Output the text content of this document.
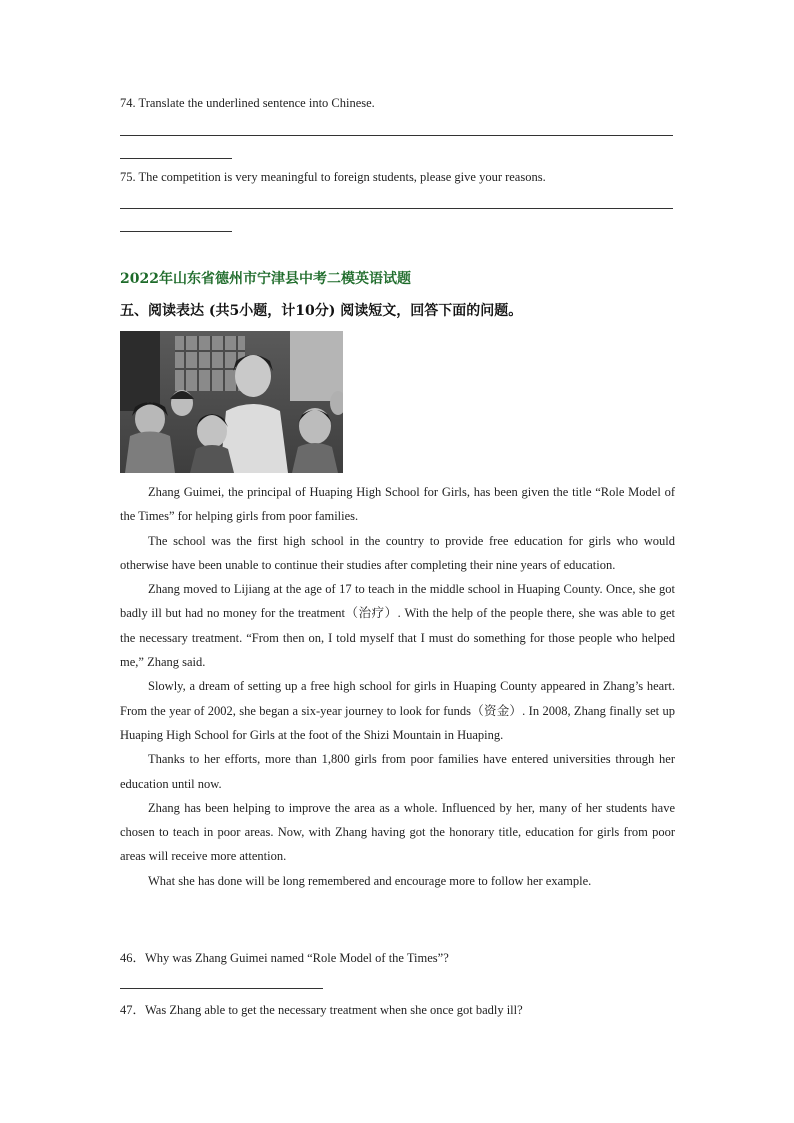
74. Translate the underlined sentence into Chinese.
75. The competition is very meaningful to foreign students, please give your reasons.
2022年山东省德州市宁津县中考二模英语试题
五、阅读表达 (共5小题，计10分) 阅读短文，回答下面的问题。

Zhang Guimei, the principal of Huaping High School for Girls, has been given the title “Role Model of the Times” for helping girls from poor families.

The school was the first high school in the country to provide free education for girls who would otherwise have been unable to continue their studies after completing their nine years of education.

Zhang moved to Lijiang at the age of 17 to teach in the middle school in Huaping County. Once, she got badly ill but had no money for the treatment（治疗）. With the help of the people there, she was able to get the necessary treatment. “From then on, I told myself that I must do something for those people who helped me,” Zhang said.

Slowly, a dream of setting up a free high school for girls in Huaping County appeared in Zhang’s heart. From the year of 2002, she began a six-year journey to look for funds（资金）. In 2008, Zhang finally set up Huaping High School for Girls at the foot of the Shizi Mountain in Huaping.

Thanks to her efforts, more than 1,800 girls from poor families have entered universities through her education until now.

Zhang has been helping to improve the area as a whole. Influenced by her, many of her students have chosen to teach in poor areas. Now, with Zhang having got the honorary title, education for girls from poor areas will receive more attention.

What she has done will be long remembered and encourage more to follow her example.

46．Why was Zhang Guimei named “Role Model of the Times”?
47．Was Zhang able to get the necessary treatment when she once got badly ill?
